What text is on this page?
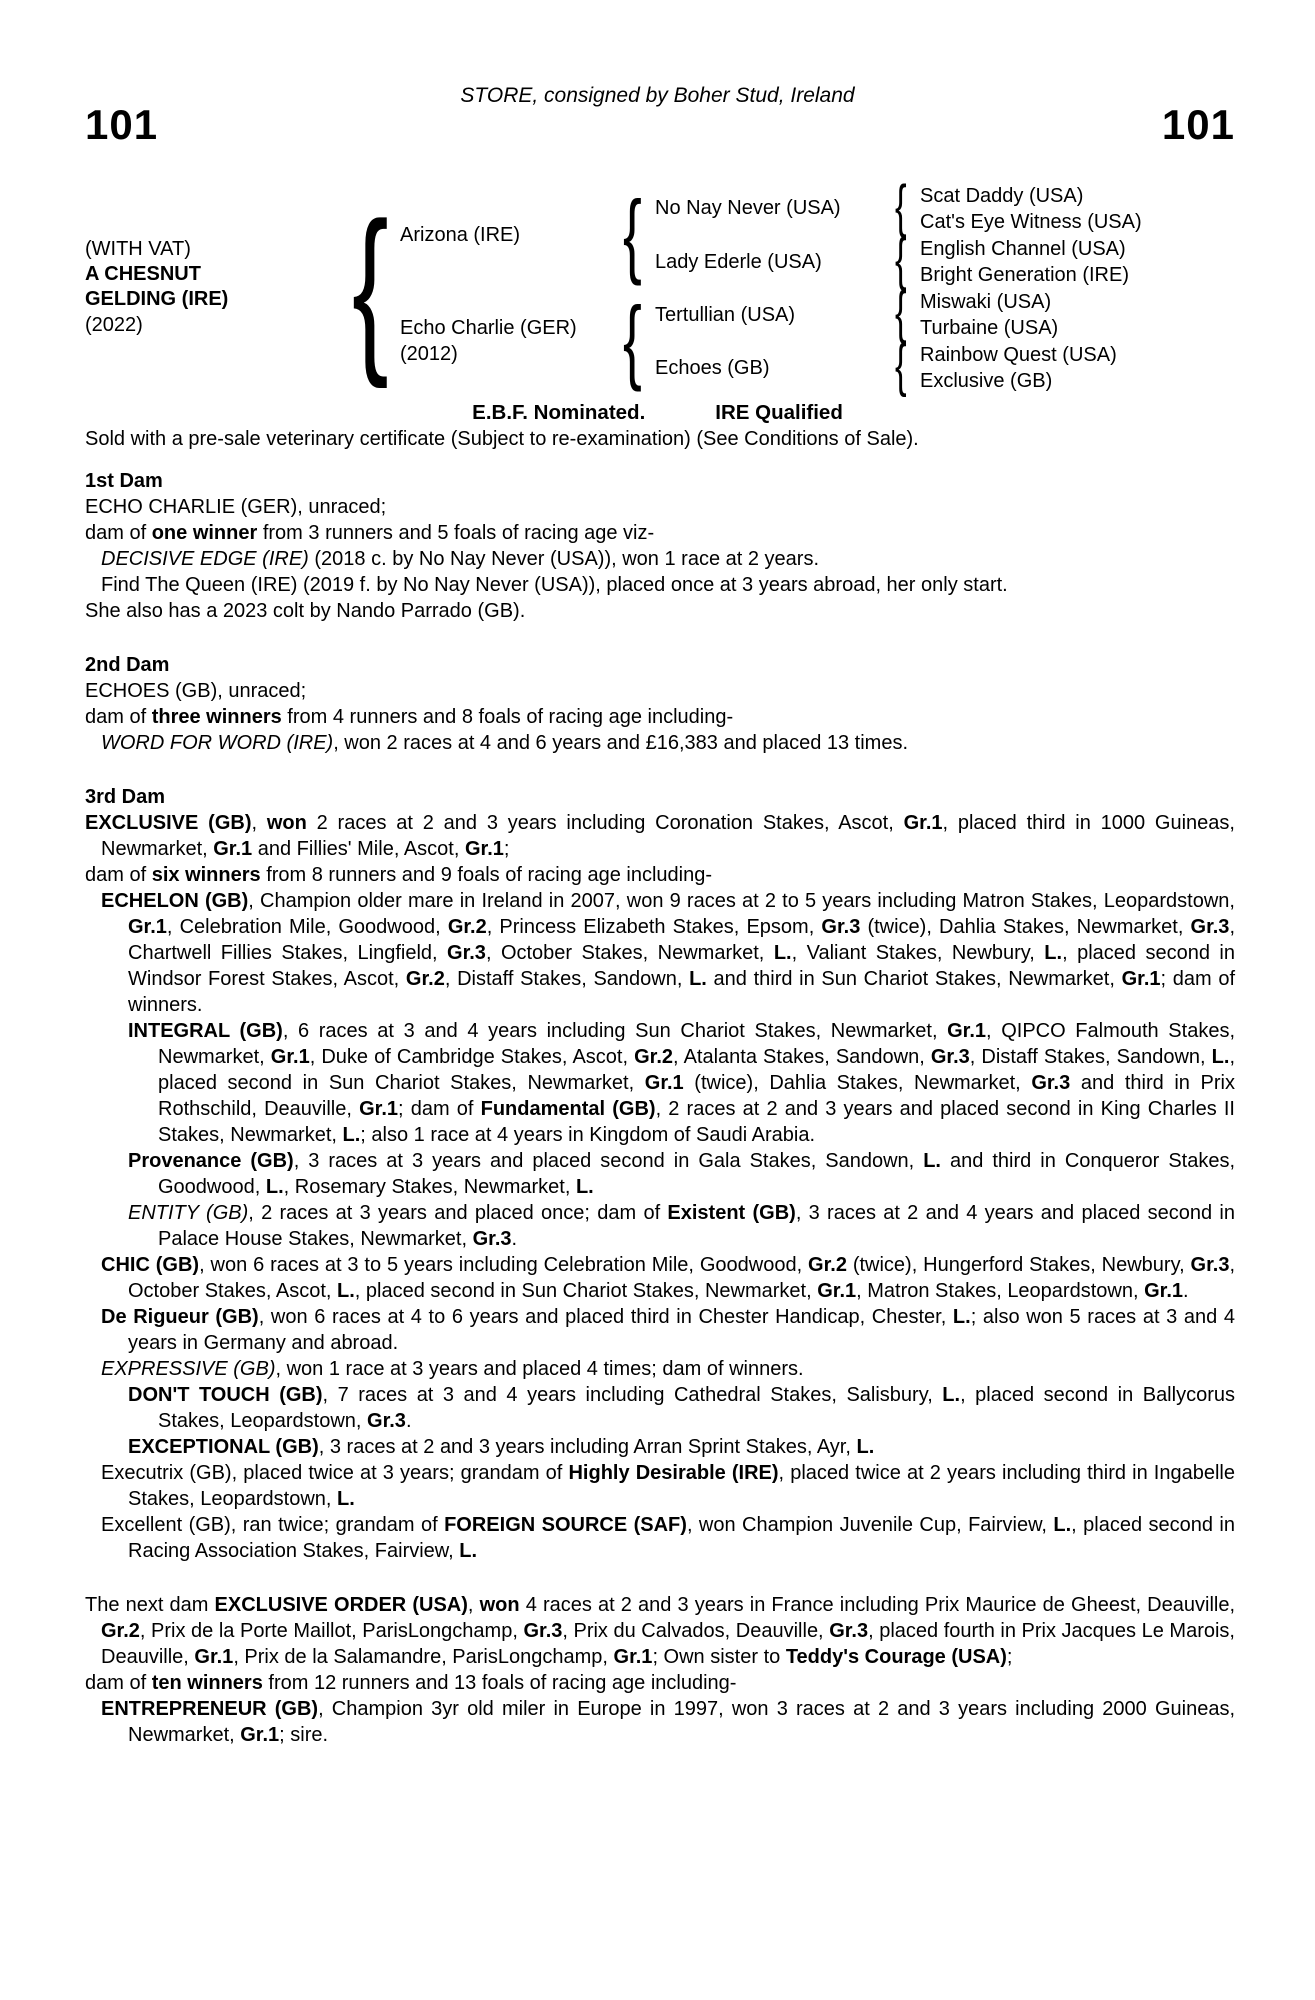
STORE, consigned by Boher Stud, Ireland
101	101
(WITH VAT)
A CHESNUT
GELDING (IRE)
(2022)
{
{
{
{
{
{
{
Arizona (IRE)
Echo Charlie (GER)
(2012)
No Nay Never (USA)
Lady Ederle (USA)
Tertullian (USA)
Echoes (GB)
Scat Daddy (USA)
Cat's Eye Witness (USA)
English Channel (USA)
Bright Generation (IRE)
Miswaki (USA)
Turbaine (USA)
Rainbow Quest (USA)
Exclusive (GB)
E.B.F. Nominated.	IRE Qualified
Sold with a pre-sale veterinary certificate (Subject to re-examination) (See Conditions of Sale).
1st Dam

ECHO CHARLIE (GER), unraced;

dam of one winner from 3 runners and 5 foals of racing age viz-

DECISIVE EDGE (IRE) (2018 c. by No Nay Never (USA)), won 1 race at 2 years.

Find The Queen (IRE) (2019 f. by No Nay Never (USA)), placed once at 3 years abroad, her only start.

She also has a 2023 colt by Nando Parrado (GB).

2nd Dam

ECHOES (GB), unraced;

dam of three winners from 4 runners and 8 foals of racing age including-

WORD FOR WORD (IRE), won 2 races at 4 and 6 years and £16,383 and placed 13 times.

3rd Dam

EXCLUSIVE (GB), won 2 races at 2 and 3 years including Coronation Stakes, Ascot, Gr.1, placed third in 1000 Guineas, Newmarket, Gr.1 and Fillies' Mile, Ascot, Gr.1;

dam of six winners from 8 runners and 9 foals of racing age including-

ECHELON (GB), Champion older mare in Ireland in 2007, won 9 races at 2 to 5 years including Matron Stakes, Leopardstown, Gr.1, Celebration Mile, Goodwood, Gr.2, Princess Elizabeth Stakes, Epsom, Gr.3 (twice), Dahlia Stakes, Newmarket, Gr.3, Chartwell Fillies Stakes, Lingfield, Gr.3, October Stakes, Newmarket, L., Valiant Stakes, Newbury, L., placed second in Windsor Forest Stakes, Ascot, Gr.2, Distaff Stakes, Sandown, L. and third in Sun Chariot Stakes, Newmarket, Gr.1; dam of winners.

INTEGRAL (GB), 6 races at 3 and 4 years including Sun Chariot Stakes, Newmarket, Gr.1, QIPCO Falmouth Stakes, Newmarket, Gr.1, Duke of Cambridge Stakes, Ascot, Gr.2, Atalanta Stakes, Sandown, Gr.3, Distaff Stakes, Sandown, L., placed second in Sun Chariot Stakes, Newmarket, Gr.1 (twice), Dahlia Stakes, Newmarket, Gr.3 and third in Prix Rothschild, Deauville, Gr.1; dam of Fundamental (GB), 2 races at 2 and 3 years and placed second in King Charles II Stakes, Newmarket, L.; also 1 race at 4 years in Kingdom of Saudi Arabia.

Provenance (GB), 3 races at 3 years and placed second in Gala Stakes, Sandown, L. and third in Conqueror Stakes, Goodwood, L., Rosemary Stakes, Newmarket, L.

ENTITY (GB), 2 races at 3 years and placed once; dam of Existent (GB), 3 races at 2 and 4 years and placed second in Palace House Stakes, Newmarket, Gr.3.

CHIC (GB), won 6 races at 3 to 5 years including Celebration Mile, Goodwood, Gr.2 (twice), Hungerford Stakes, Newbury, Gr.3, October Stakes, Ascot, L., placed second in Sun Chariot Stakes, Newmarket, Gr.1, Matron Stakes, Leopardstown, Gr.1.

De Rigueur (GB), won 6 races at 4 to 6 years and placed third in Chester Handicap, Chester, L.; also won 5 races at 3 and 4 years in Germany and abroad.

EXPRESSIVE (GB), won 1 race at 3 years and placed 4 times; dam of winners.

DON'T TOUCH (GB), 7 races at 3 and 4 years including Cathedral Stakes, Salisbury, L., placed second in Ballycorus Stakes, Leopardstown, Gr.3.

EXCEPTIONAL (GB), 3 races at 2 and 3 years including Arran Sprint Stakes, Ayr, L.

Executrix (GB), placed twice at 3 years; grandam of Highly Desirable (IRE), placed twice at 2 years including third in Ingabelle Stakes, Leopardstown, L.

Excellent (GB), ran twice; grandam of FOREIGN SOURCE (SAF), won Champion Juvenile Cup, Fairview, L., placed second in Racing Association Stakes, Fairview, L.

The next dam EXCLUSIVE ORDER (USA), won 4 races at 2 and 3 years in France including Prix Maurice de Gheest, Deauville, Gr.2, Prix de la Porte Maillot, ParisLongchamp, Gr.3, Prix du Calvados, Deauville, Gr.3, placed fourth in Prix Jacques Le Marois, Deauville, Gr.1, Prix de la Salamandre, ParisLongchamp, Gr.1; Own sister to Teddy's Courage (USA);

dam of ten winners from 12 runners and 13 foals of racing age including-

ENTREPRENEUR (GB), Champion 3yr old miler in Europe in 1997, won 3 races at 2 and 3 years including 2000 Guineas, Newmarket, Gr.1; sire.
